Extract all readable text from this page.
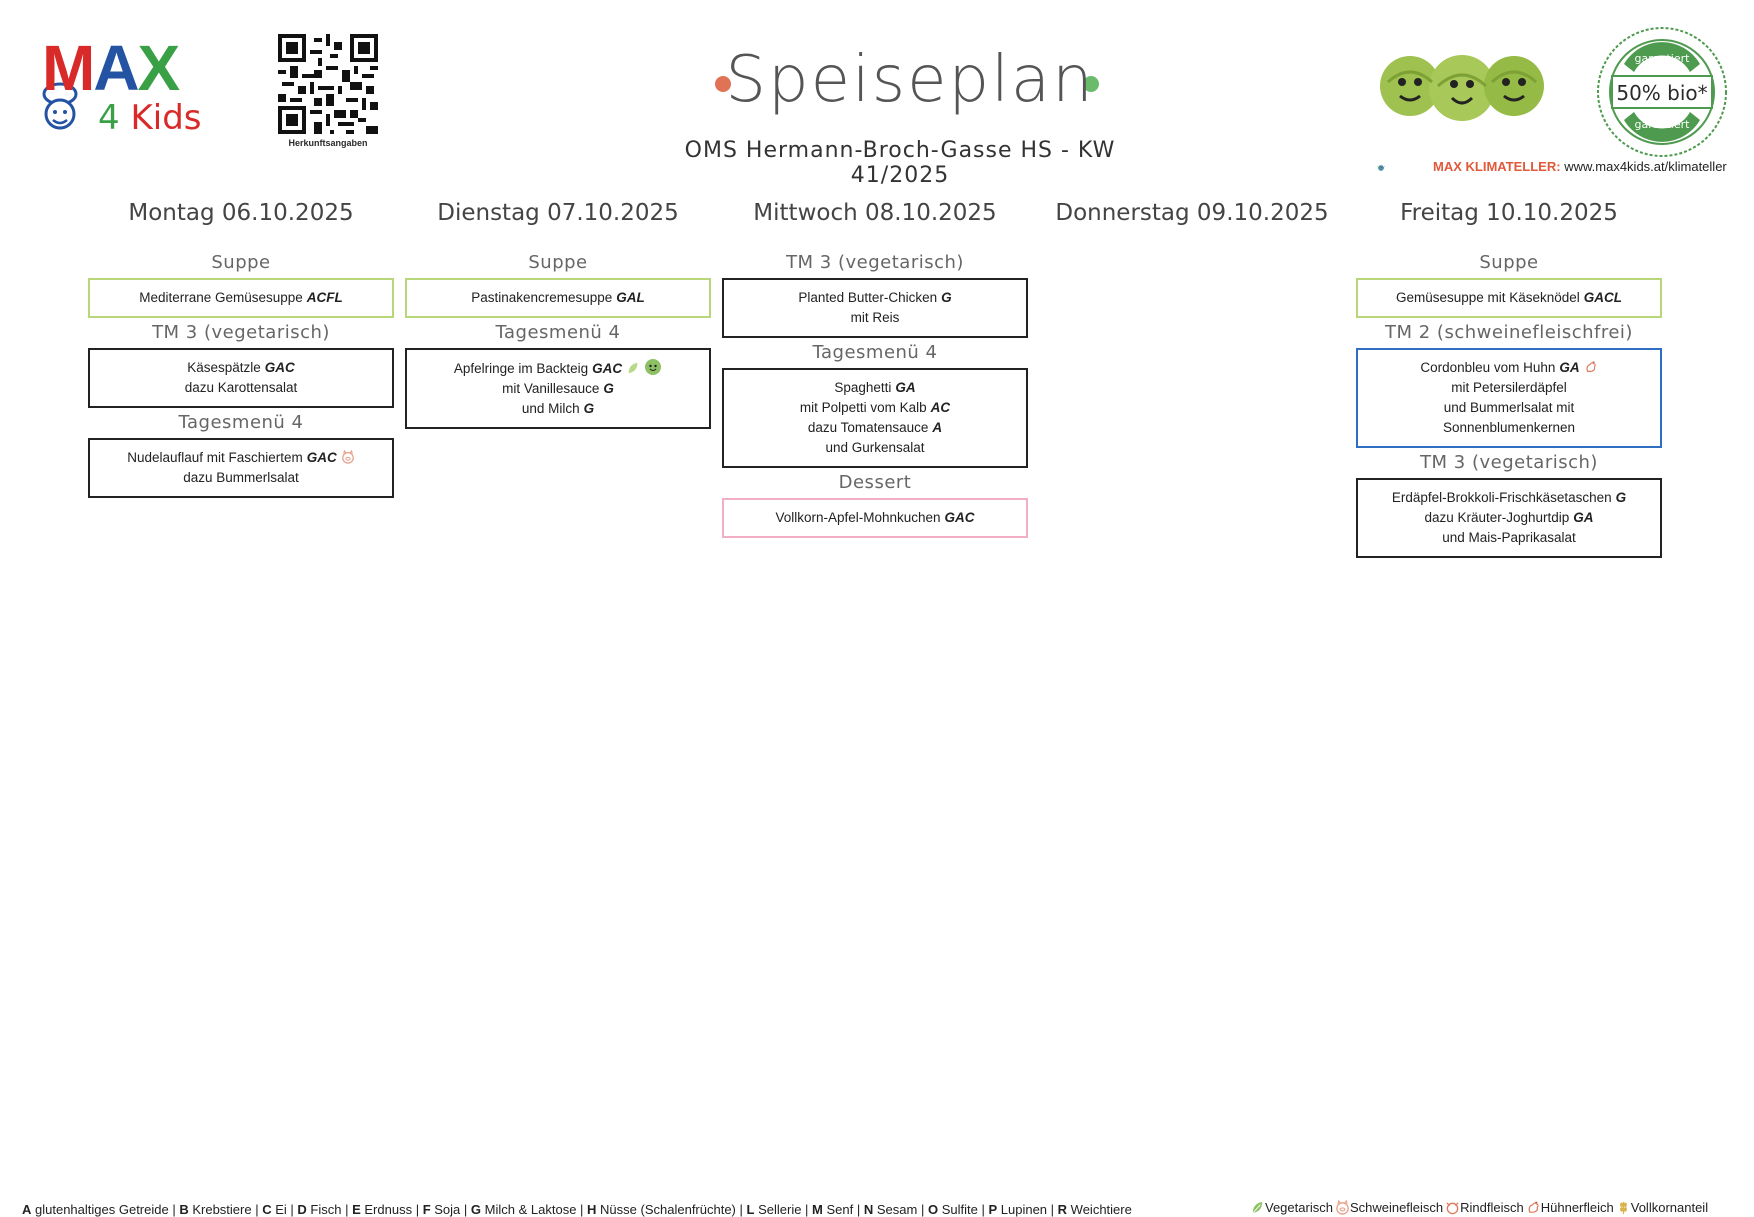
MAX
4 Kids
Herkunftsangaben
Speiseplan
OMS Hermann-Broch-Gasse HS - KW 41/2025
garantiert
50% bio*
garantiert
MAX KLIMATELLER: www.max4kids.at/klimateller
Montag 06.10.2025
Suppe
Mediterrane Gemüsesuppe ACFL
TM 3 (vegetarisch)
Käsespätzle GAC
dazu Karottensalat
Tagesmenü 4
Nudelauflauf mit Faschiertem GAC
dazu Bummerlsalat
Dienstag 07.10.2025
Suppe
Pastinakencremesuppe GAL
Tagesmenü 4
Apfelringe im Backteig GAC
mit Vanillesauce G
und Milch G
Mittwoch 08.10.2025
TM 3 (vegetarisch)
Planted Butter-Chicken G
mit Reis
Tagesmenü 4
Spaghetti GA
mit Polpetti vom Kalb AC
dazu Tomatensauce A
und Gurkensalat
Dessert
Vollkorn-Apfel-Mohnkuchen GAC
Donnerstag 09.10.2025	Freitag 10.10.2025
Suppe
Gemüsesuppe mit Käseknödel GACL
TM 2 (schweinefleischfrei)
Cordonbleu vom Huhn GA
mit Petersilerdäpfel
und Bummerlsalat mit
Sonnenblumenkernen
TM 3 (vegetarisch)
Erdäpfel-Brokkoli-Frischkäsetaschen G
dazu Kräuter-Joghurtdip GA
und Mais-Paprikasalat
A glutenhaltiges Getreide | B Krebstiere | C Ei | D Fisch | E Erdnuss | F Soja | G Milch & Laktose | H Nüsse (Schalenfrüchte) | L Sellerie | M Senf | N Sesam | O Sulfite | P Lupinen | R Weichtiere	Vegetarisch Schweinefleisch Rindfleisch Hühnerfleich Vollkornanteil
